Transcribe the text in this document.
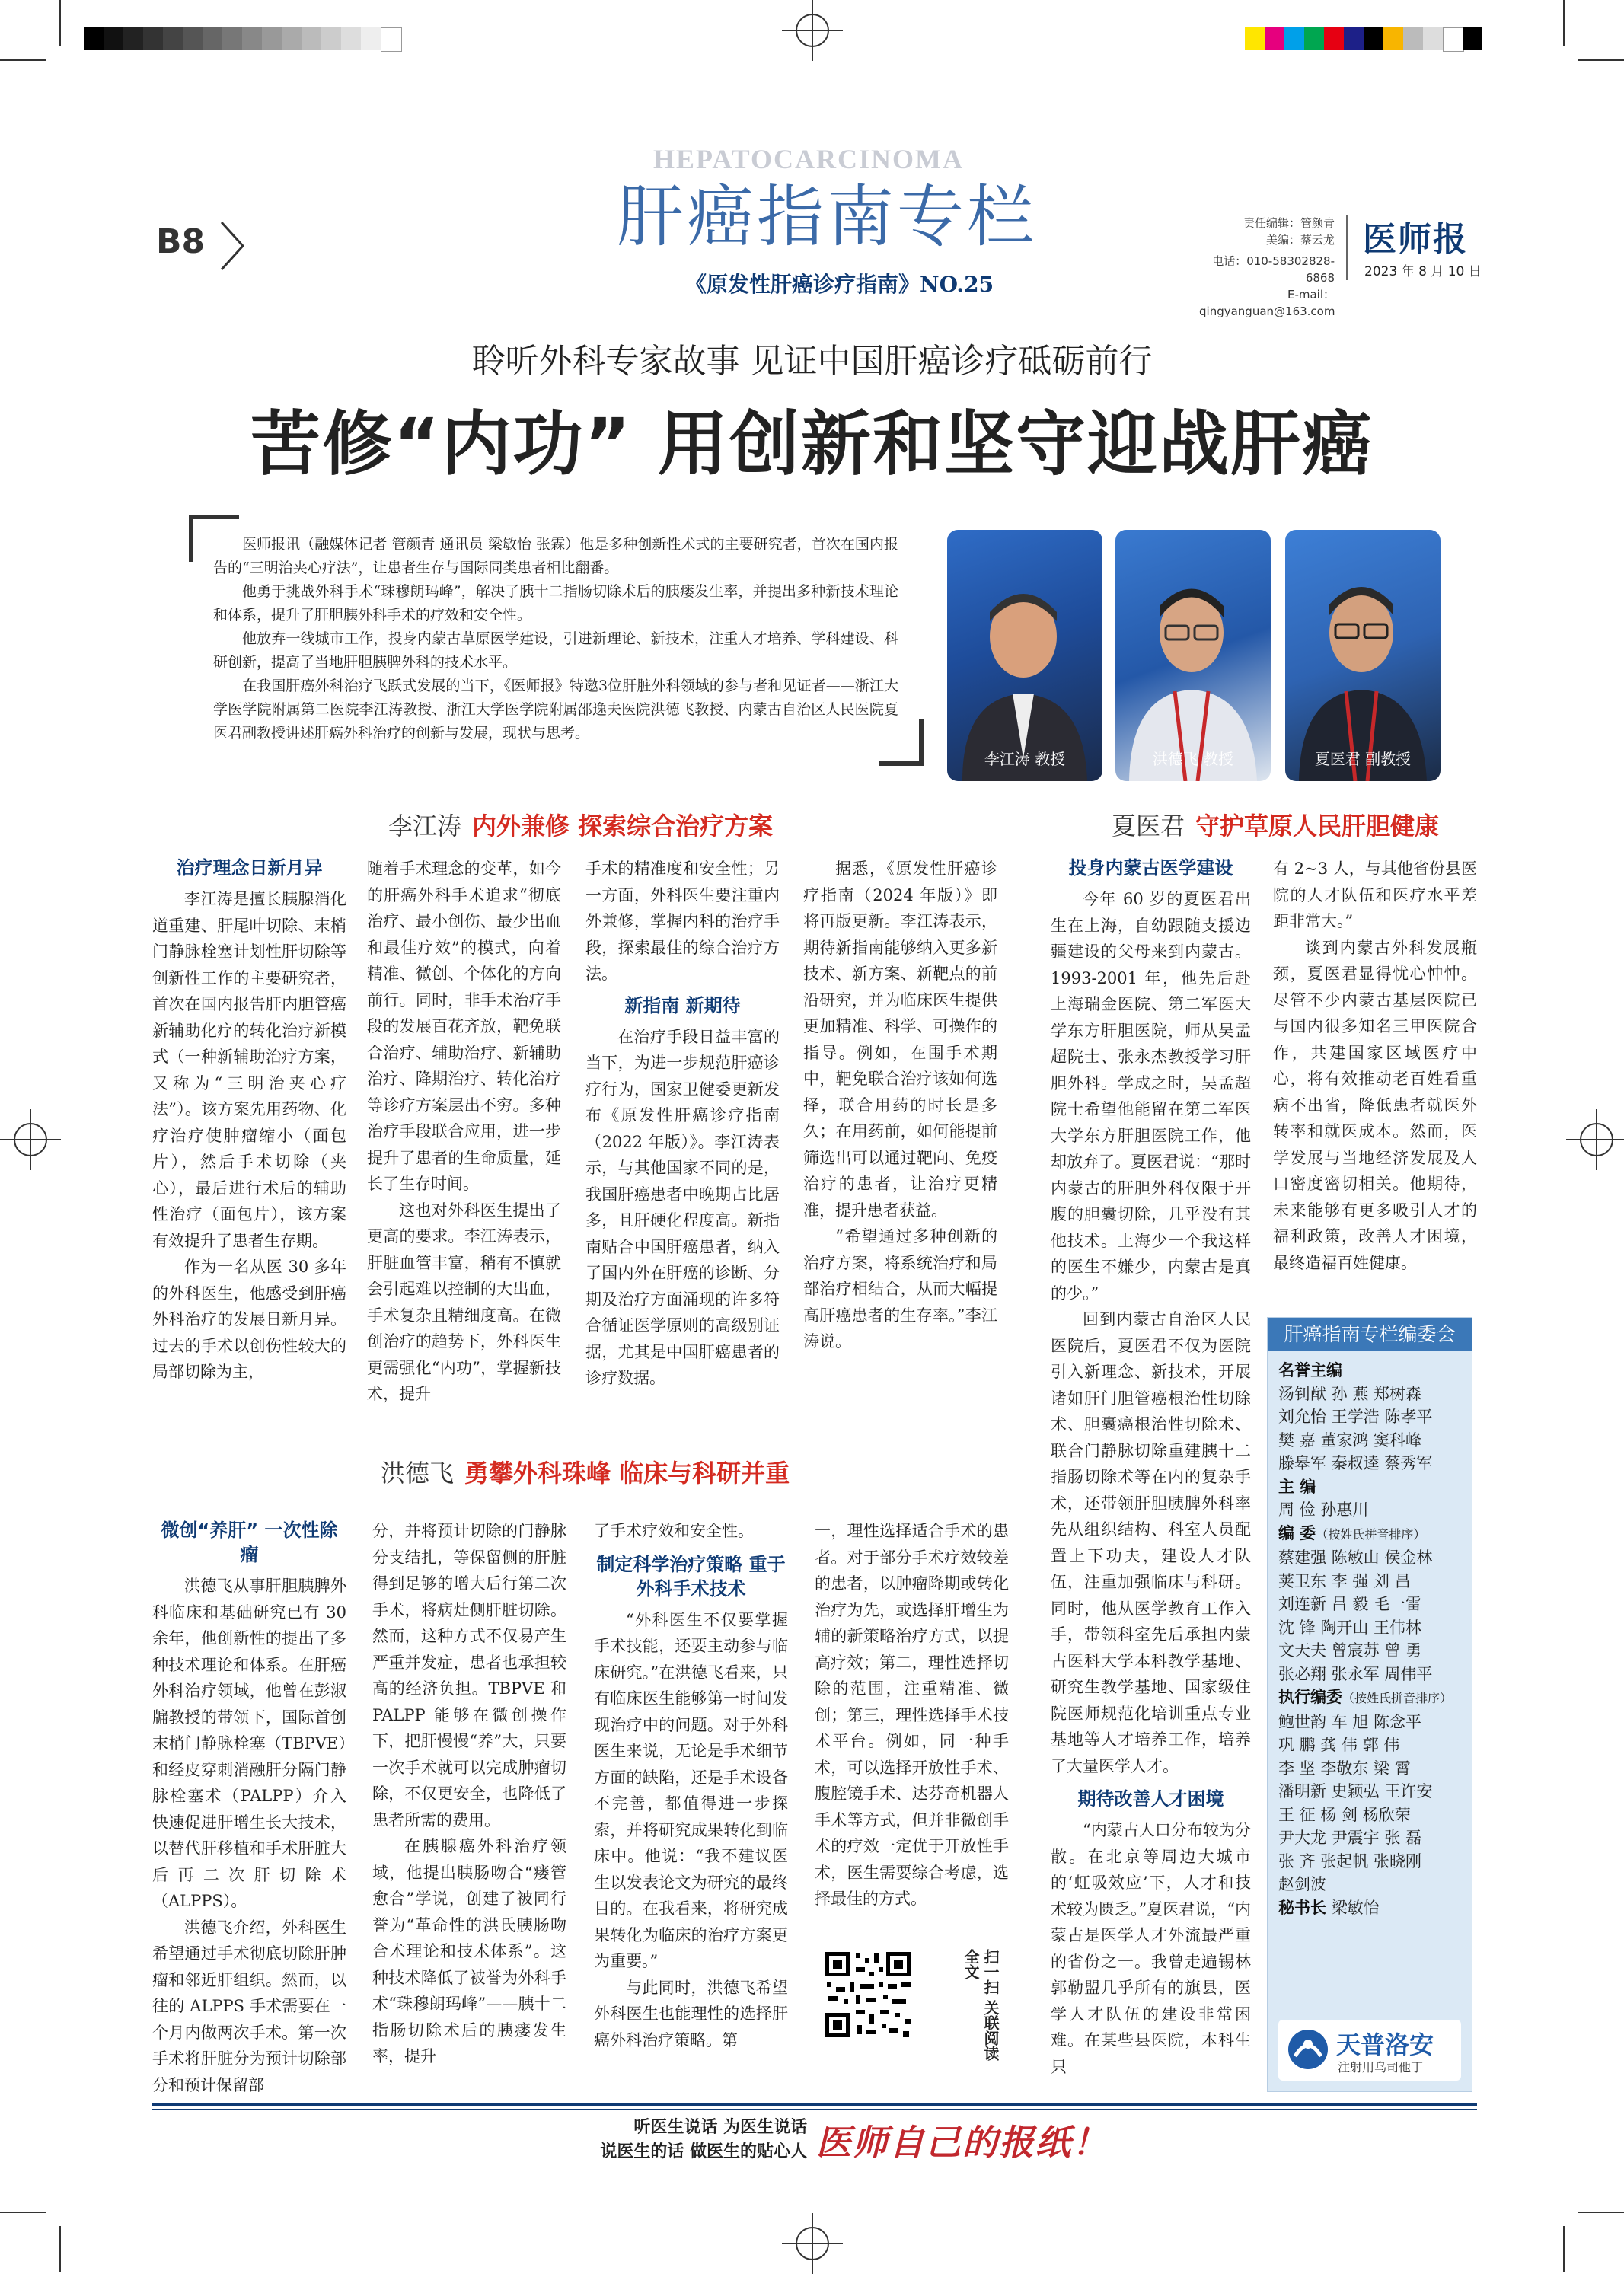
B8
HEPATOCARCINOMA
肝癌指南专栏
《原发性肝癌诊疗指南》NO.25
责任编辑：管颜青
美编：蔡云龙
电话：010-58302828-6868
E-mail：qingyanguan@163.com
医师报
2023 年 8 月 10 日
聆听外科专家故事 见证中国肝癌诊疗砥砺前行
苦修“内功” 用创新和坚守迎战肝癌

医师报讯（融媒体记者 管颜青 通讯员 梁敏怡 张霖）他是多种创新性术式的主要研究者，首次在国内报告的“三明治夹心疗法”，让患者生存与国际同类患者相比翻番。

他勇于挑战外科手术“珠穆朗玛峰”，解决了胰十二指肠切除术后的胰瘘发生率，并提出多种新技术理论和体系，提升了肝胆胰外科手术的疗效和安全性。

他放弃一线城市工作，投身内蒙古草原医学建设，引进新理论、新技术，注重人才培养、学科建设、科研创新，提高了当地肝胆胰脾外科的技术水平。

在我国肝癌外科治疗飞跃式发展的当下，《医师报》特邀3位肝脏外科领域的参与者和见证者——浙江大学医学院附属第二医院李江涛教授、浙江大学医学院附属邵逸夫医院洪德飞教授、内蒙古自治区人民医院夏医君副教授讲述肝癌外科治疗的创新与发展，现状与思考。

李江涛 教授	洪德飞 教授	夏医君 副教授
李江涛 内外兼修 探索综合治疗方案
治疗理念日新月异

李江涛是擅长胰腺消化道重建、肝尾叶切除、末梢门静脉栓塞计划性肝切除等创新性工作的主要研究者，首次在国内报告肝内胆管癌新辅助化疗的转化治疗新模式（一种新辅助治疗方案，又称为“三明治夹心疗法”）。该方案先用药物、化疗治疗使肿瘤缩小（面包片），然后手术切除（夹心），最后进行术后的辅助性治疗（面包片），该方案有效提升了患者生存期。

作为一名从医 30 多年的外科医生，他感受到肝癌外科治疗的发展日新月异。过去的手术以创伤性较大的局部切除为主，

随着手术理念的变革，如今的肝癌外科手术追求“彻底治疗、最小创伤、最少出血和最佳疗效”的模式，向着精准、微创、个体化的方向前行。同时，非手术治疗手段的发展百花齐放，靶免联合治疗、辅助治疗、新辅助治疗、降期治疗、转化治疗等诊疗方案层出不穷。多种治疗手段联合应用，进一步提升了患者的生命质量，延长了生存时间。

这也对外科医生提出了更高的要求。李江涛表示，肝脏血管丰富，稍有不慎就会引起难以控制的大出血，手术复杂且精细度高。在微创治疗的趋势下，外科医生更需强化“内功”，掌握新技术，提升

手术的精准度和安全性；另一方面，外科医生要注重内外兼修，掌握内科的治疗手段，探索最佳的综合治疗方法。

新指南 新期待

在治疗手段日益丰富的当下，为进一步规范肝癌诊疗行为，国家卫健委更新发布《原发性肝癌诊疗指南（2022 年版）》。李江涛表示，与其他国家不同的是，我国肝癌患者中晚期占比居多，且肝硬化程度高。新指南贴合中国肝癌患者，纳入了国内外在肝癌的诊断、分期及治疗方面涌现的许多符合循证医学原则的高级别证据，尤其是中国肝癌患者的诊疗数据。

据悉，《原发性肝癌诊疗指南（2024 年版）》即将再版更新。李江涛表示，期待新指南能够纳入更多新技术、新方案、新靶点的前沿研究，并为临床医生提供更加精准、科学、可操作的指导。例如，在围手术期中，靶免联合治疗该如何选择，联合用药的时长是多久；在用药前，如何能提前筛选出可以通过靶向、免疫治疗的患者，让治疗更精准，提升患者获益。

“希望通过多种创新的治疗方案，将系统治疗和局部治疗相结合，从而大幅提高肝癌患者的生存率。”李江涛说。

洪德飞 勇攀外科珠峰 临床与科研并重
微创“养肝” 一次性除瘤

洪德飞从事肝胆胰脾外科临床和基础研究已有 30 余年，他创新性的提出了多种技术理论和体系。在肝癌外科治疗领域，他曾在彭淑牖教授的带领下，国际首创末梢门静脉栓塞（TBPVE）和经皮穿刺消融肝分隔门静脉栓塞术（PALPP）介入快速促进肝增生长大技术，以替代肝移植和手术肝脏大后再二次肝切除术（ALPPS）。

洪德飞介绍，外科医生希望通过手术彻底切除肝肿瘤和邻近肝组织。然而，以往的 ALPPS 手术需要在一个月内做两次手术。第一次手术将肝脏分为预计切除部分和预计保留部

分，并将预计切除的门静脉分支结扎，等保留侧的肝脏得到足够的增大后行第二次手术，将病灶侧肝脏切除。然而，这种方式不仅易产生严重并发症，患者也承担较高的经济负担。TBPVE 和 PALPP 能够在微创操作下，把肝慢慢“养”大，只要一次手术就可以完成肿瘤切除，不仅更安全，也降低了患者所需的费用。

在胰腺癌外科治疗领域，他提出胰肠吻合“瘘管愈合”学说，创建了被同行誉为“革命性的洪氏胰肠吻合术理论和技术体系”。这种技术降低了被誉为外科手术“珠穆朗玛峰”——胰十二指肠切除术后的胰瘘发生率，提升

了手术疗效和安全性。

制定科学治疗策略 重于外科手术技术

“外科医生不仅要掌握手术技能，还要主动参与临床研究。”在洪德飞看来，只有临床医生能够第一时间发现治疗中的问题。对于外科医生来说，无论是手术细节方面的缺陷，还是手术设备不完善，都值得进一步探索，并将研究成果转化到临床中。他说：“我不建议医生以发表论文为研究的最终目的。在我看来，将研究成果转化为临床的治疗方案更为重要。”

与此同时，洪德飞希望外科医生也能理性的选择肝癌外科治疗策略。第

一，理性选择适合手术的患者。对于部分手术疗效较差的患者，以肿瘤降期或转化治疗为先，或选择肝增生为辅的新策略治疗方式，以提高疗效；第二，理性选择切除的范围，注重精准、微创；第三，理性选择手术技术平台。例如，同一种手术，可以选择开放性手术、腹腔镜手术、达芬奇机器人手术等方式，但并非微创手术的疗效一定优于开放性手术，医生需要综合考虑，选择最佳的方式。

扫一扫 关联阅读全文
夏医君 守护草原人民肝胆健康
投身内蒙古医学建设

今年 60 岁的夏医君出生在上海，自幼跟随支援边疆建设的父母来到内蒙古。1993-2001 年，他先后赴上海瑞金医院、第二军医大学东方肝胆医院，师从吴孟超院士、张永杰教授学习肝胆外科。学成之时，吴孟超院士希望他能留在第二军医大学东方肝胆医院工作，他却放弃了。夏医君说：“那时内蒙古的肝胆外科仅限于开腹的胆囊切除，几乎没有其他技术。上海少一个我这样的医生不嫌少，内蒙古是真的少。”

回到内蒙古自治区人民医院后，夏医君不仅为医院引入新理念、新技术，开展诸如肝门胆管癌根治性切除术、胆囊癌根治性切除术、联合门静脉切除重建胰十二指肠切除术等在内的复杂手术，还带领肝胆胰脾外科率先从组织结构、科室人员配置上下功夫，建设人才队伍，注重加强临床与科研。同时，他从医学教育工作入手，带领科室先后承担内蒙古医科大学本科教学基地、研究生教学基地、国家级住院医师规范化培训重点专业基地等人才培养工作，培养了大量医学人才。

期待改善人才困境

“内蒙古人口分布较为分散。在北京等周边大城市的‘虹吸效应’下，人才和技术较为匮乏。”夏医君说，“内蒙古是医学人才外流最严重的省份之一。我曾走遍锡林郭勒盟几乎所有的旗县，医学人才队伍的建设非常困难。在某些县医院，本科生只

有 2~3 人，与其他省份县医院的人才队伍和医疗水平差距非常大。”

谈到内蒙古外科发展瓶颈，夏医君显得忧心忡忡。尽管不少内蒙古基层医院已与国内很多知名三甲医院合作，共建国家区域医疗中心，将有效推动老百姓看重病不出省，降低患者就医外转率和就医成本。然而，医学发展与当地经济发展及人口密度密切相关。他期待，未来能够有更多吸引人才的福利政策，改善人才困境，最终造福百姓健康。

肝癌指南专栏编委会
名誉主编
汤钊猷 孙 燕 郑树森
刘允怡 王学浩 陈孝平
樊 嘉 董家鸿 窦科峰
滕皋军 秦叔逵 蔡秀军
主 编
周 俭 孙惠川
编 委（按姓氏拼音排序）
蔡建强 陈敏山 侯金林
荚卫东 李 强 刘 昌
刘连新 吕 毅 毛一雷
沈 锋 陶开山 王伟林
文天夫 曾宸苏 曾 勇
张必翔 张永军 周伟平
执行编委（按姓氏拼音排序）
鲍世韵 车 旭 陈念平
巩 鹏 龚 伟 郭 伟
李 坚 李敬东 梁 霄
潘明新 史颖弘 王许安
王 征 杨 剑 杨欣荣
尹大龙 尹震宇 张 磊
张 齐 张起帆 张晓刚
赵剑波
秘书长 梁敏怡
天普洛安
注射用乌司他丁
听医生说话 为医生说话
说医生的话 做医生的贴心人 医师自己的报纸！
